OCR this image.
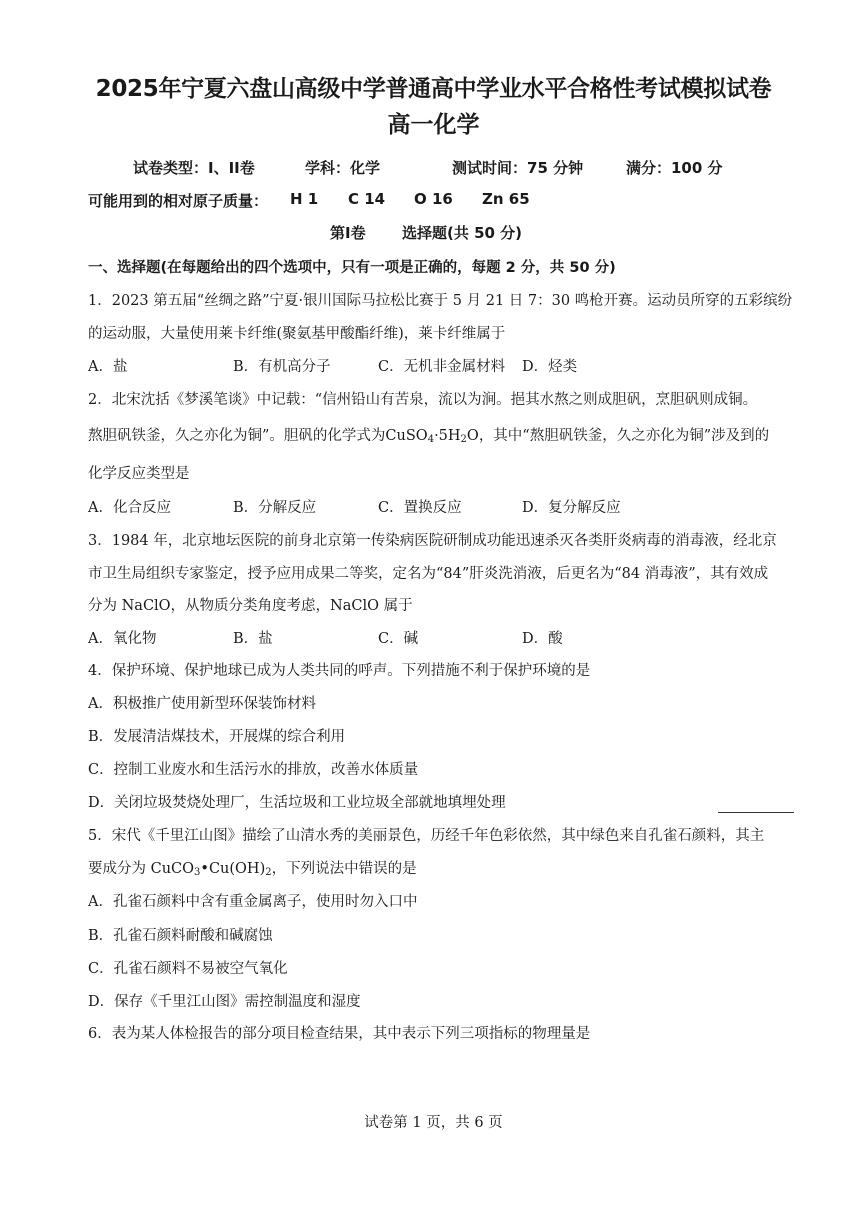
2025年宁夏六盘山高级中学普通高中学业水平合格性考试模拟试卷
高一化学
试卷类型：I、II卷	学科：化学	测试时间：75 分钟	满分：100 分
可能用到的相对原子质量： H 1 C 14 O 16 Zn 65
第I卷 选择题(共 50 分)
一、选择题(在每题给出的四个选项中，只有一项是正确的，每题 2 分，共 50 分)
1．2023 第五届“丝绸之路”宁夏·银川国际马拉松比赛于 5 月 21 日 7：30 鸣枪开赛。运动员所穿的五彩缤纷
的运动服，大量使用莱卡纤维(聚氨基甲酸酯纤维)，莱卡纤维属于
A．盐	B．有机高分子	C．无机非金属材料 D．烃类
2．北宋沈括《梦溪笔谈》中记载：“信州铅山有苦泉，流以为涧。挹其水熬之则成胆矾，烹胆矾则成铜。
熬胆矾铁釜，久之亦化为铜”。胆矾的化学式为$CuSO_4\cdot 5H_2O$，其中“熬胆矾铁釜，久之亦化为铜”涉及到的
化学反应类型是
A．化合反应	B．分解反应	C．置换反应	D．复分解反应
3．1984 年，北京地坛医院的前身北京第一传染病医院研制成功能迅速杀灭各类肝炎病毒的消毒液，经北京
市卫生局组织专家鉴定，授予应用成果二等奖，定名为“84”肝炎洗消液，后更名为“84 消毒液”，其有效成
分为 NaClO，从物质分类角度考虑，NaClO 属于
A．氧化物	B．盐	C．碱	D．酸
4．保护环境、保护地球已成为人类共同的呼声。下列措施不利于保护环境的是
A．积极推广使用新型环保装饰材料
B．发展清洁煤技术，开展煤的综合利用
C．控制工业废水和生活污水的排放，改善水体质量
D．关闭垃圾焚烧处理厂，生活垃圾和工业垃圾全部就地填埋处理
5．宋代《千里江山图》描绘了山清水秀的美丽景色，历经千年色彩依然，其中绿色来自孔雀石颜料，其主
要成分为 $CuCO_3•Cu(OH)_2$，下列说法中错误的是
A．孔雀石颜料中含有重金属离子，使用时勿入口中
B．孔雀石颜料耐酸和碱腐蚀
C．孔雀石颜料不易被空气氧化
D．保存《千里江山图》需控制温度和湿度
6．表为某人体检报告的部分项目检查结果，其中表示下列三项指标的物理量是
试卷第 1 页，共 6 页
